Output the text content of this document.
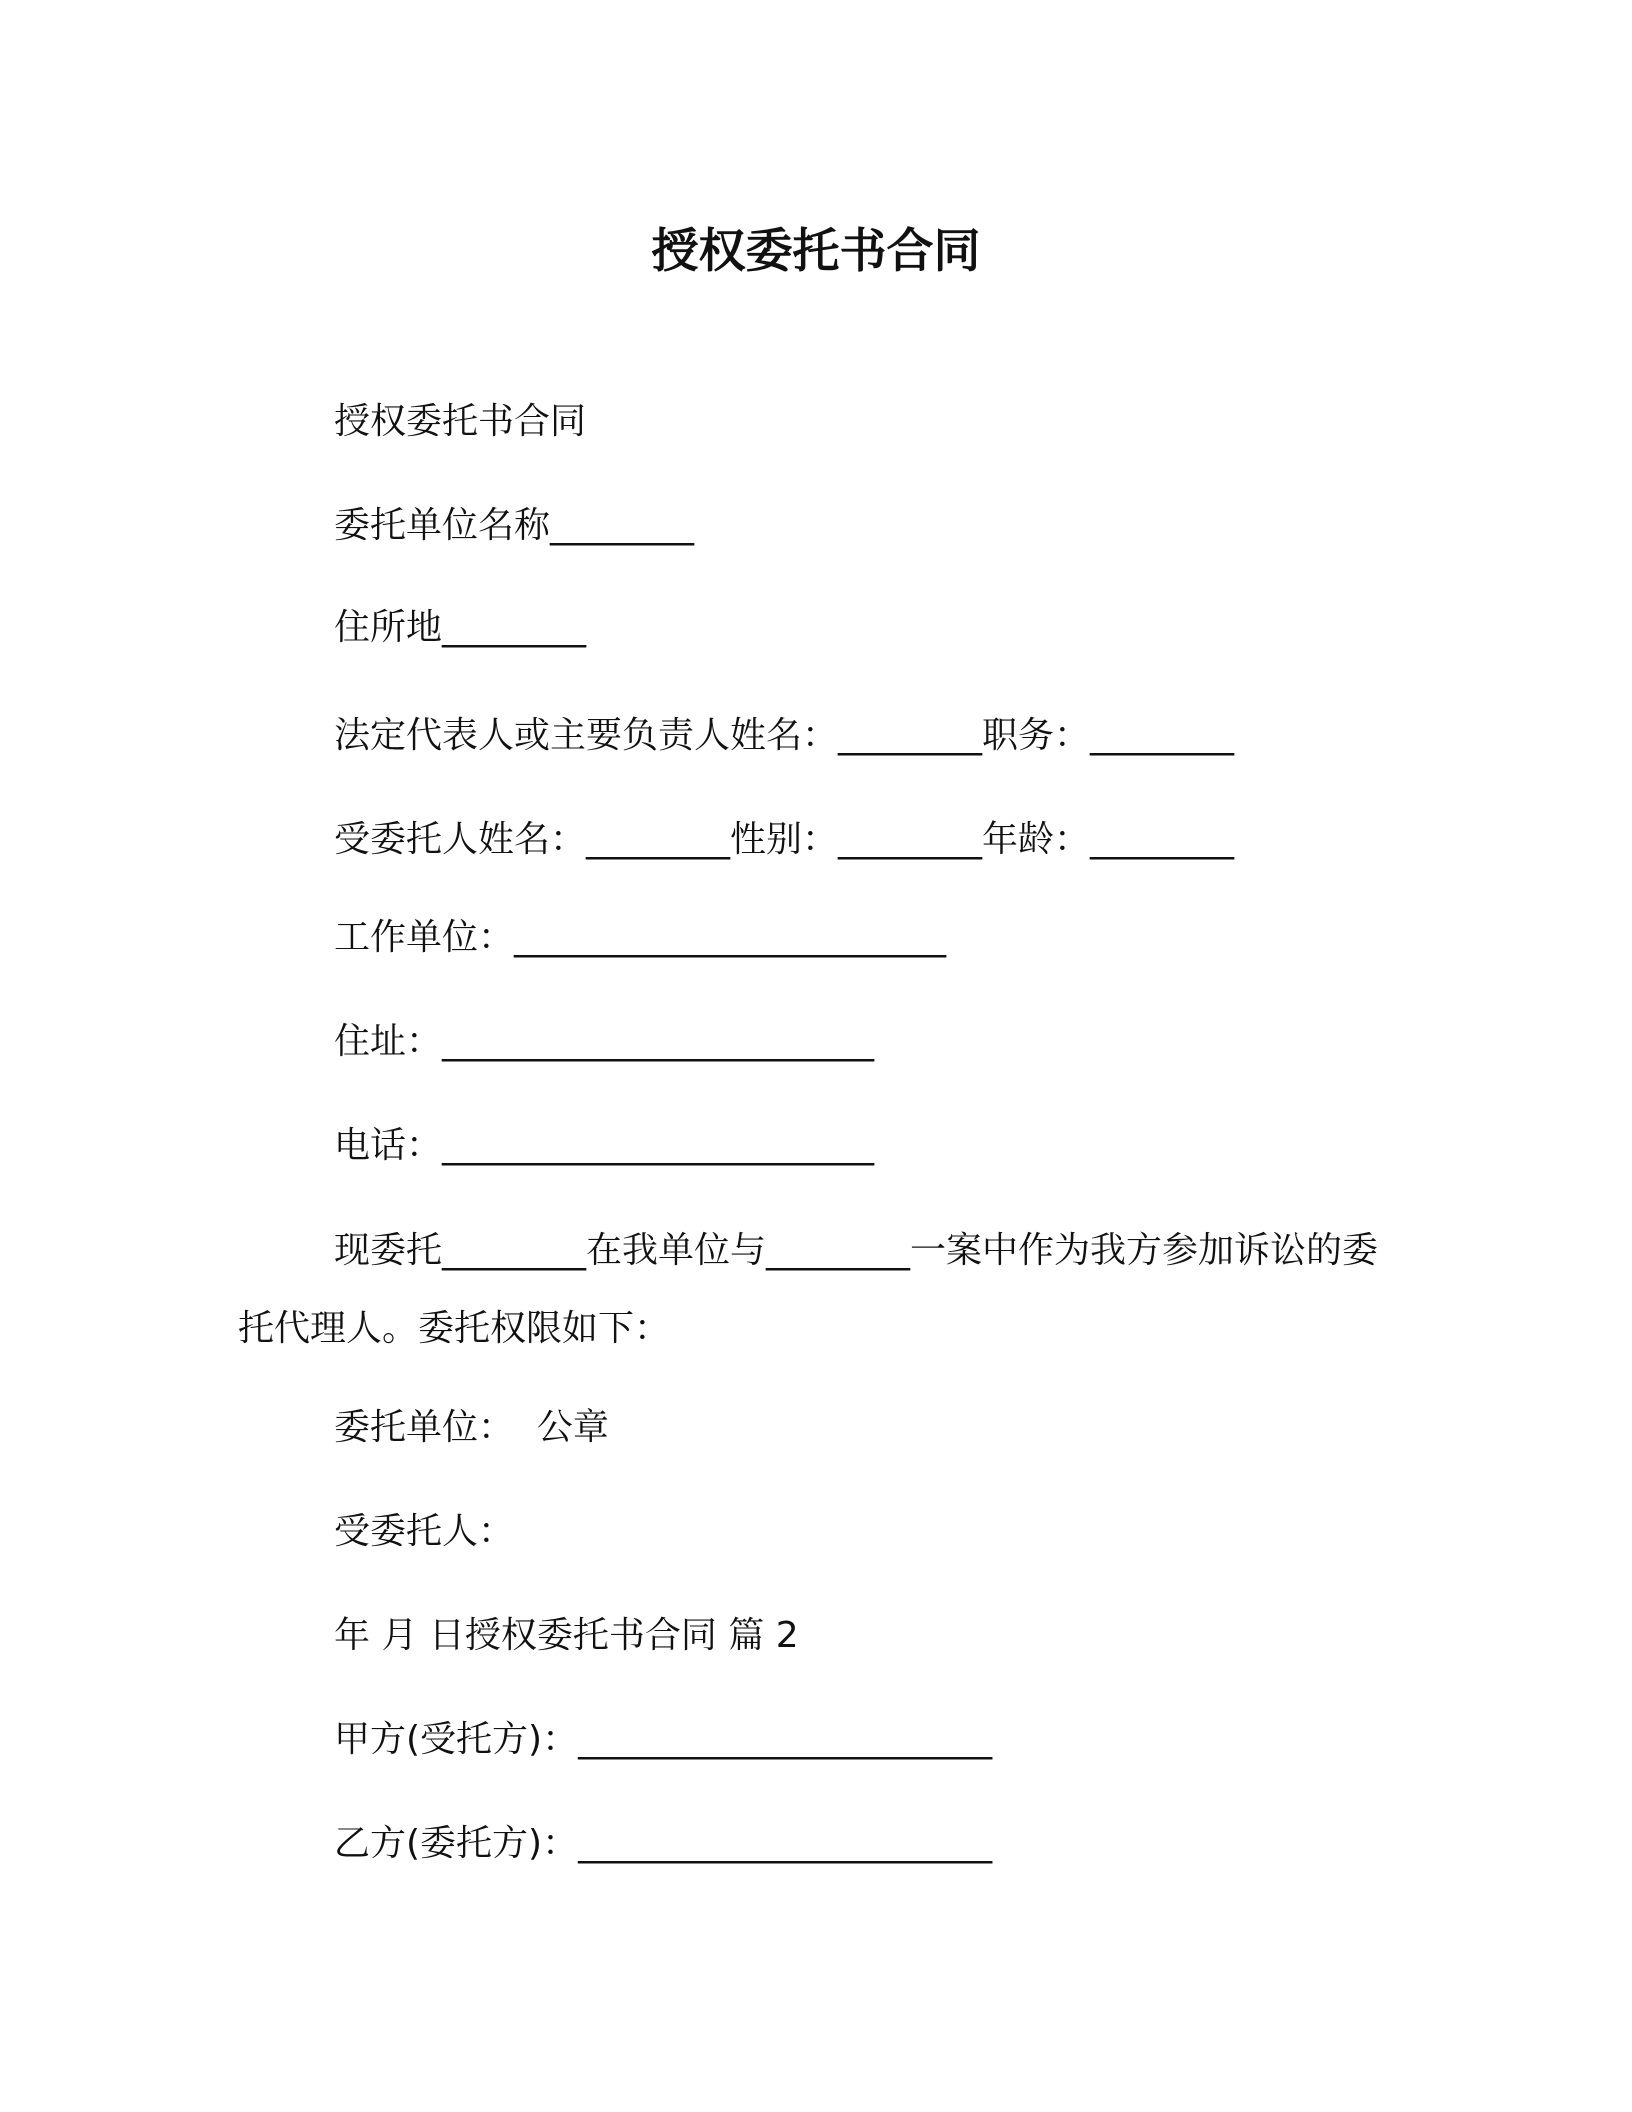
授权委托书合同
授权委托书合同
委托单位名称________
住所地________
法定代表人或主要负责人姓名：________职务：________
受委托人姓名：________性别：________年龄：________
工作单位：________________________
住址：________________________
电话：________________________
现委托________在我单位与________一案中作为我方参加诉讼的委托代理人。委托权限如下：
委托单位：  公章
受委托人：
年 月 日授权委托书合同 篇 2
甲方(受托方)：_______________________
乙方(委托方)：_______________________
